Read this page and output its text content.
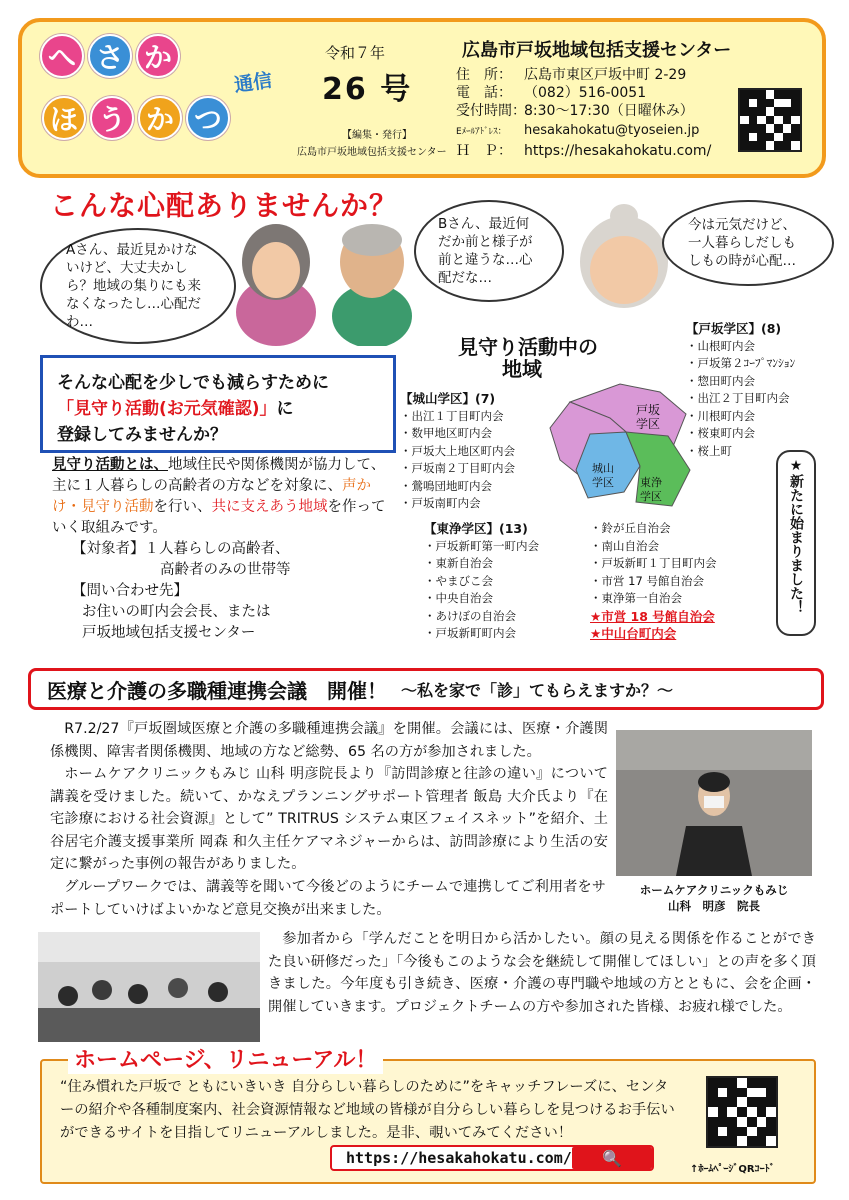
へ さ か
ほ う か つ
通信
令和７年
26 号
【編集・発行】
広島市戸坂地域包括支援センター
広島市戸坂地域包括支援センター
住　所： 広島市東区戸坂中町 2-29
電　話： （082）516-0051
受付時間：8:30～17:30（日曜休み）
Eﾒｰﾙｱﾄﾞﾚｽ： hesakahokatu@tyoseien.jp
Ｈ　Ｐ： https://hesakahokatu.com/
こんな心配ありませんか？
Aさん、最近見かけないけど、大丈夫かしら？地域の集りにも来なくなったし…心配だわ…
Bさん、最近何だか前と様子が前と違うな…心配だな…
今は元気だけど、一人暮らしだしもしもの時が心配…
そんな心配を少しでも減らすために
「見守り活動(お元気確認)」に
登録してみませんか？
見守り活動とは、地域住民や関係機関が協力して、主に１人暮らしの高齢者の方などを対象に、声かけ・見守り活動を行い、共に支えあう地域を作っていく取組みです。
【対象者】１人暮らしの高齢者、
高齢者のみの世帯等
【問い合わせ先】
お住いの町内会会長、または
戸坂地域包括支援センター
見守り活動中の
地域
戸坂
学区
城山
学区 東浄
学区
【城山学区】(7)
・出江１丁目町内会
・数甲地区町内会
・戸坂大上地区町内会
・戸坂南２丁目町内会
・鶯鳴団地町内会
・戸坂南町内会
【戸坂学区】(8)
・山根町内会
・戸坂第２ｺｰﾌﾟﾏﾝｼｮﾝ
・惣田町内会
・出江２丁目町内会
・川根町内会
・桜東町内会
・桜上町
【東浄学区】(13)
・戸坂新町第一町内会
・東新自治会
・やまびこ会
・中央自治会
・あけぼの自治会
・戸坂新町町内会
・鈴が丘自治会
・南山自治会
・戸坂新町１丁目町内会
・市営 17 号館自治会
・東浄第一自治会
★市営 18 号館自治会
★中山台町内会
★新たに始まりました！
医療と介護の多職種連携会議　開催！ ～私を家で「診」てもらえますか？～

R7.2/27『戸坂圏域医療と介護の多職種連携会議』を開催。会議には、医療・介護関係機関、障害者関係機関、地域の方など総勢、65 名の方が参加されました。

ホームケアクリニックもみじ 山科 明彦院長より『訪問診療と往診の違い』について講義を受けました。続いて、かなえプランニングサポート管理者 飯島 大介氏より『在宅診療における社会資源』として” TRITRUS システム東区フェイスネット”を紹介、土谷居宅介護支援事業所 岡森 和久主任ケアマネジャーからは、訪問診療により生活の安定に繋がった事例の報告がありました。

グループワークでは、講義等を聞いて今後どのようにチームで連携してご利用者をサポートしていけばよいかなど意見交換が出来ました。

ホームケアクリニックもみじ
山科　明彦　院長

参加者から「学んだことを明日から活かしたい。顔の見える関係を作ることができた良い研修だった」「今後もこのような会を継続して開催してほしい」との声を多く頂きました。今年度も引き続き、医療・介護の専門職や地域の方とともに、会を企画・開催していきます。プロジェクトチームの方や参加された皆様、お疲れ様でした。

ホームページ、リニューアル！
“住み慣れた戸坂で ともにいきいき 自分らしい暮らしのために”をキャッチフレーズに、センターの紹介や各種制度案内、社会資源情報など地域の皆様が自分らしい暮らしを見つけるお手伝いができるサイトを目指してリニューアルしました。是非、覗いてみてください！
https://hesakahokatu.com/	🔍
↑ﾎｰﾑﾍﾟｰｼﾞQRｺｰﾄﾞ
